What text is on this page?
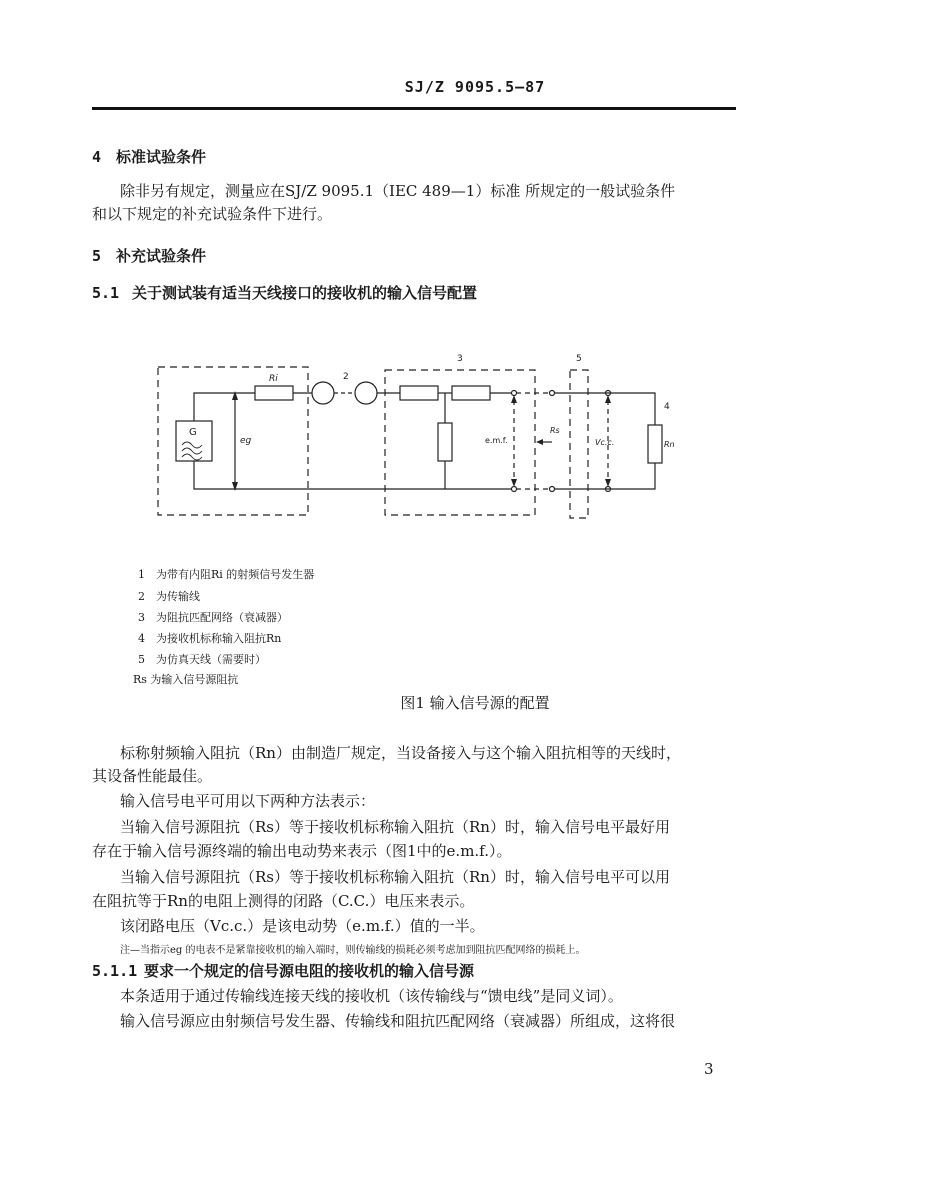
SJ/Z 9095.5—87
4 标准试验条件
除非另有规定，测量应在SJ/Z 9095.1（IEC 489—1）标准 所规定的一般试验条件
和以下规定的补充试验条件下进行。
5 补充试验条件
5.1 关于测试装有适当天线接口的接收机的输入信号配置
3
2
5
4
Ri
G
eg	e.m.f.
Rs
Vc.c.	Rn
1 为带有内阻Ri 的射频信号发生器
2 为传输线
3 为阻抗匹配网络（衰减器）
4 为接收机标称输入阻抗Rn
5 为仿真天线（需要时）
Rs 为输入信号源阻抗
图1 输入信号源的配置
标称射频输入阻抗（Rn）由制造厂规定，当设备接入与这个输入阻抗相等的天线时，
其设备性能最佳。
输入信号电平可用以下两种方法表示：
当输入信号源阻抗（Rs）等于接收机标称输入阻抗（Rn）时，输入信号电平最好用
存在于输入信号源终端的输出电动势来表示（图1中的e.m.f.）。
当输入信号源阻抗（Rs）等于接收机标称输入阻抗（Rn）时，输入信号电平可以用
在阻抗等于Rn的电阻上测得的闭路（C.C.）电压来表示。
该闭路电压（Vc.c.）是该电动势（e.m.f.）值的一半。
注—当指示eg 的电表不是紧靠接收机的输入端时，则传输线的损耗必须考虑加到阻抗匹配网络的损耗上。
5.1.1 要求一个规定的信号源电阻的接收机的输入信号源
本条适用于通过传输线连接天线的接收机（该传输线与“馈电线”是同义词）。
输入信号源应由射频信号发生器、传输线和阻抗匹配网络（衰减器）所组成，这将很
3
